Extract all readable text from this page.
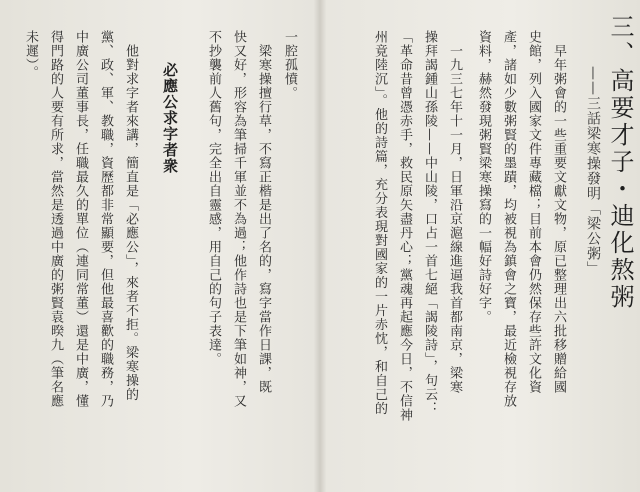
三、高要才子・迪化熬粥
——三話梁寒操發明「梁公粥」
早年粥會的一些重要文獻文物，原已整理出六批移贈給國
史館，列入國家文件專藏檔；目前本會仍然保存些許文化資
產，諸如少數粥賢的墨蹟，均被視為鎮會之寶，最近檢視存放
資料，赫然發現粥賢梁寒操寫的一幅好詩好字。
一九三七年十一月，日軍沿京滬線進逼我首都南京，梁寒
操拜謁鍾山孫陵——中山陵，口占一首七絕「謁陵詩」，句云：
「革命昔曾憑赤手，救民原矢盡丹心；黨魂再起應今日，不信神
州竟陸沉」。他的詩篇，充分表現對國家的一片赤忱，和自己的
一腔孤憤。
梁寒操擅行草，不寫正楷是出了名的，寫字當作日課，既
快又好，形容為筆掃千軍並不為過；他作詩也是下筆如神，又
不抄襲前人舊句，完全出自靈感，用自己的句子表達。
必應公求字者衆
他對求字者來講，簡直是「必應公」，來者不拒。梁寒操的
黨、政、軍、教職，資歷都非常顯要，但他最喜歡的職務，乃
中廣公司董事長，任職最久的單位（連同常董）還是中廣，懂
得門路的人要有所求，當然是透過中廣的粥賢袁暌九（筆名應
未遲）。
